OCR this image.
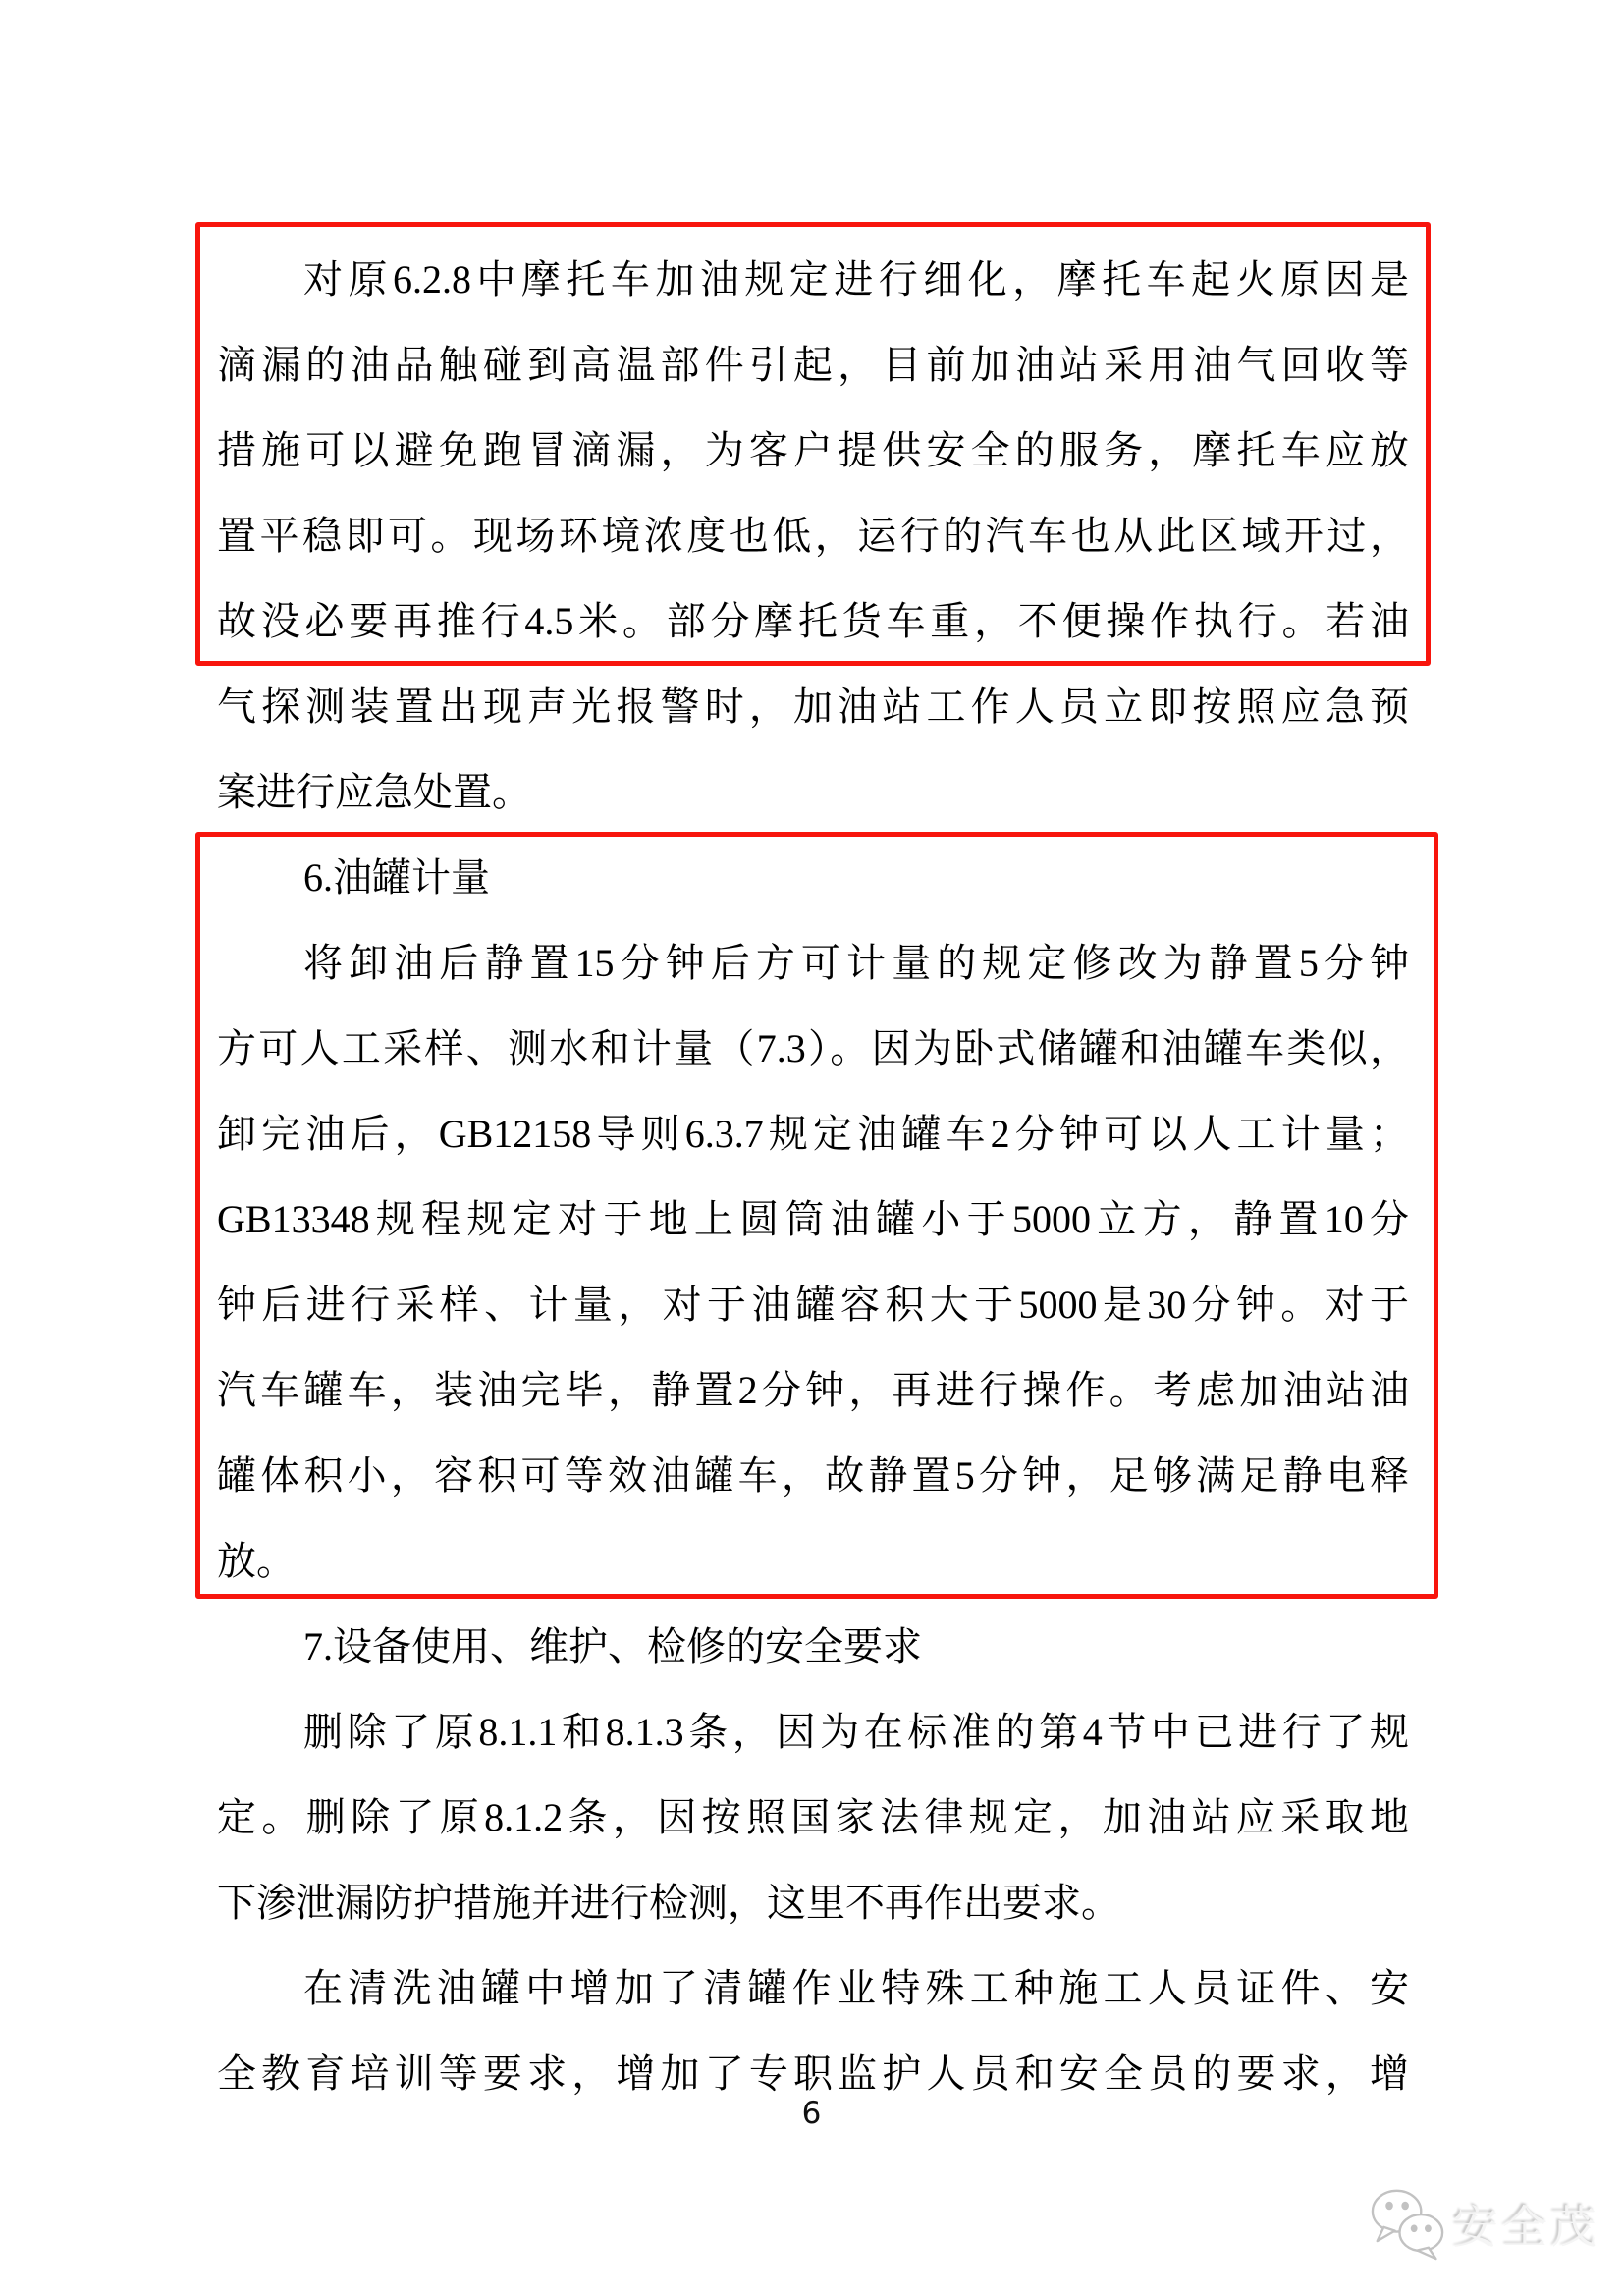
对原6.2.8中摩托车加油规定进行细化，摩托车起火原因是
滴漏的油品触碰到高温部件引起，目前加油站采用油气回收等
措施可以避免跑冒滴漏，为客户提供安全的服务，摩托车应放
置平稳即可。现场环境浓度也低，运行的汽车也从此区域开过，
故没必要再推行4.5米。部分摩托货车重，不便操作执行。若油
气探测装置出现声光报警时，加油站工作人员立即按照应急预
案进行应急处置。
6.油罐计量
将卸油后静置15分钟后方可计量的规定修改为静置5分钟
方可人工采样、测水和计量（7.3）。因为卧式储罐和油罐车类似，
卸完油后，GB12158导则6.3.7规定油罐车2分钟可以人工计量；
GB13348规程规定对于地上圆筒油罐小于5000立方，静置10分
钟后进行采样、计量，对于油罐容积大于5000是30分钟。对于
汽车罐车，装油完毕，静置2分钟，再进行操作。考虑加油站油
罐体积小，容积可等效油罐车，故静置5分钟，足够满足静电释
放。
7.设备使用、维护、检修的安全要求
删除了原8.1.1和8.1.3条，因为在标准的第4节中已进行了规
定。删除了原8.1.2条，因按照国家法律规定，加油站应采取地
下渗泄漏防护措施并进行检测，这里不再作出要求。
在清洗油罐中增加了清罐作业特殊工种施工人员证件、安
全教育培训等要求，增加了专职监护人员和安全员的要求，增
6
安全茂
